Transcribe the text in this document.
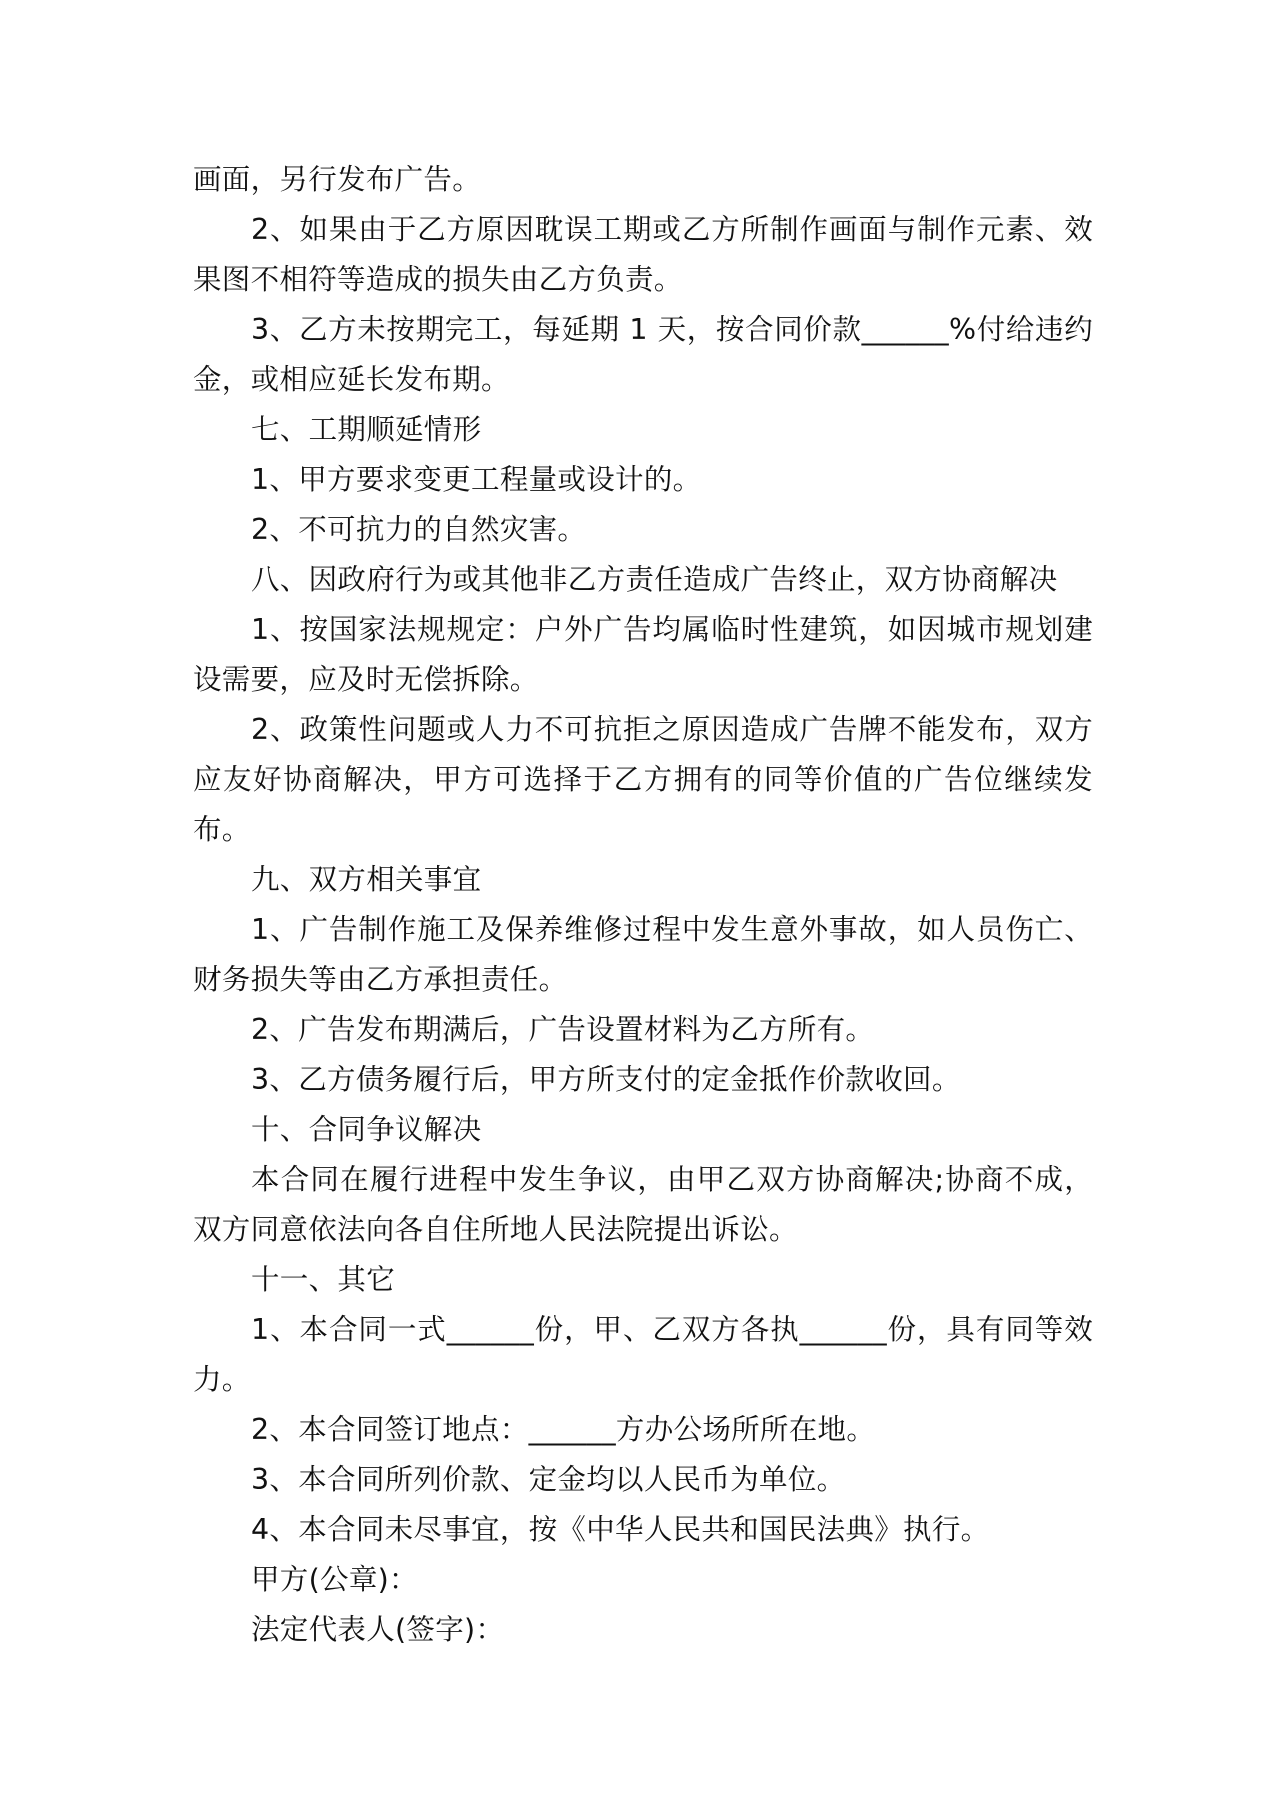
画面，另行发布广告。

2、如果由于乙方原因耽误工期或乙方所制作画面与制作元素、效果图不相符等造成的损失由乙方负责。

3、乙方未按期完工，每延期 1 天，按合同价款______%付给违约金，或相应延长发布期。

七、工期顺延情形

1、甲方要求变更工程量或设计的。

2、不可抗力的自然灾害。

八、因政府行为或其他非乙方责任造成广告终止，双方协商解决

1、按国家法规规定：户外广告均属临时性建筑，如因城市规划建设需要，应及时无偿拆除。

2、政策性问题或人力不可抗拒之原因造成广告牌不能发布，双方应友好协商解决，甲方可选择于乙方拥有的同等价值的广告位继续发布。

九、双方相关事宜

1、广告制作施工及保养维修过程中发生意外事故，如人员伤亡、财务损失等由乙方承担责任。

2、广告发布期满后，广告设置材料为乙方所有。

3、乙方债务履行后，甲方所支付的定金抵作价款收回。

十、合同争议解决

本合同在履行进程中发生争议，由甲乙双方协商解决;协商不成，双方同意依法向各自住所地人民法院提出诉讼。

十一、其它

1、本合同一式______份，甲、乙双方各执______份，具有同等效力。

2、本合同签订地点：______方办公场所所在地。

3、本合同所列价款、定金均以人民币为单位。

4、本合同未尽事宜，按《中华人民共和国民法典》执行。

甲方(公章)：

法定代表人(签字)：
